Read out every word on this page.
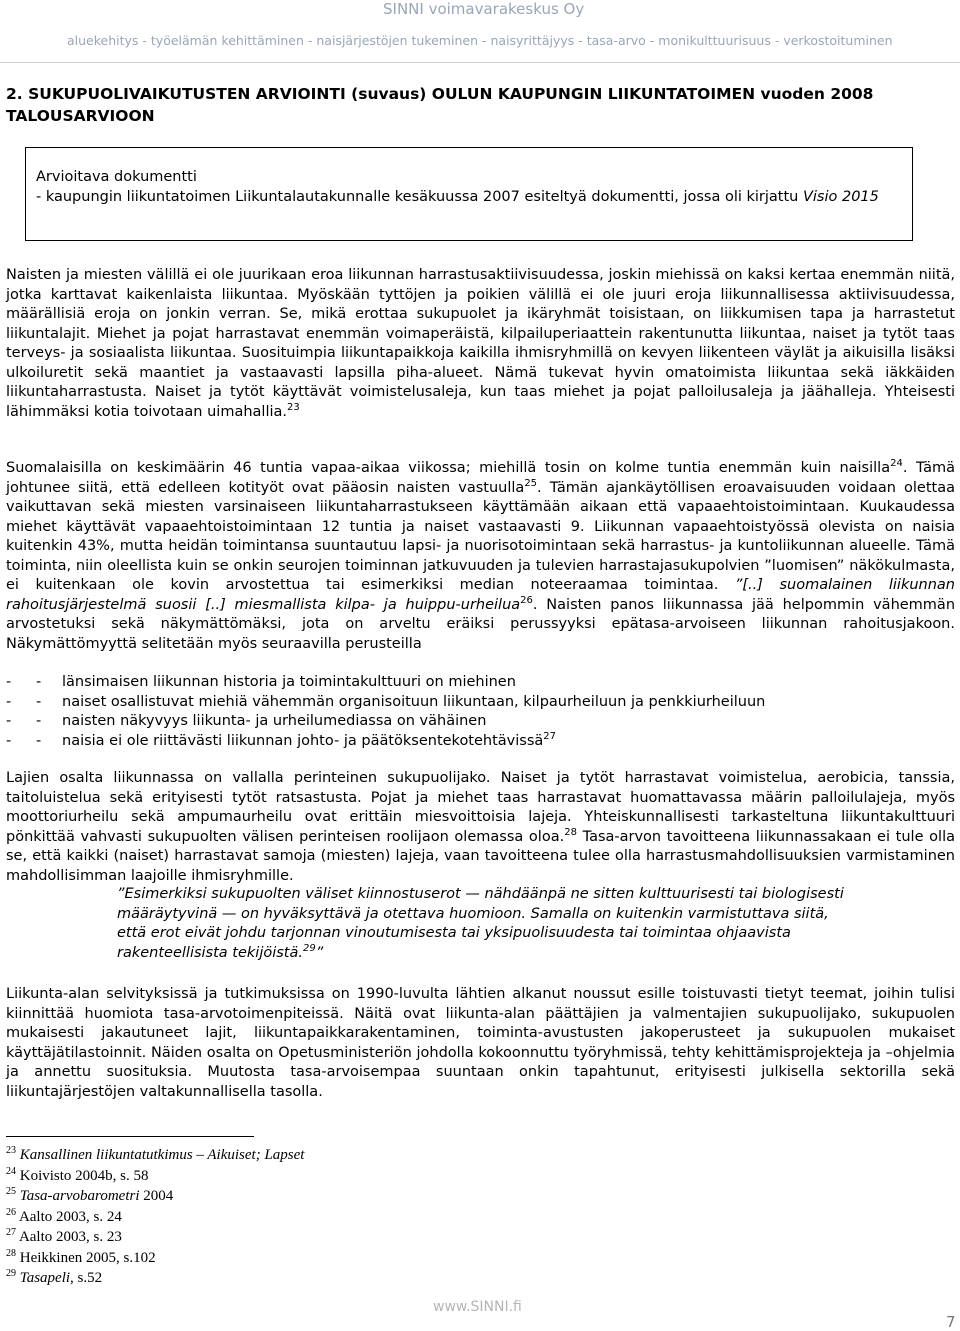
SINNI voimavarakeskus Oy
aluekehitys - työelämän kehittäminen - naisjärjestöjen tukeminen - naisyrittäjyys - tasa-arvo - monikulttuurisuus - verkostoituminen
2. SUKUPUOLIVAIKUTUSTEN ARVIOINTI (suvaus) OULUN KAUPUNGIN LIIKUNTATOIMEN vuoden 2008 TALOUSARVIOON
Arvioitava dokumentti
- kaupungin liikuntatoimen Liikuntalautakunnalle kesäkuussa 2007 esiteltyä dokumentti, jossa oli kirjattu Visio 2015

Naisten ja miesten välillä ei ole juurikaan eroa liikunnan harrastusaktiivisuudessa, joskin miehissä on kaksi kertaa enemmän niitä, jotka karttavat kaikenlaista liikuntaa. Myöskään tyttöjen ja poikien välillä ei ole juuri eroja liikunnallisessa aktiivisuudessa, määrällisiä eroja on jonkin verran. Se, mikä erottaa sukupuolet ja ikäryhmät toisistaan, on liikkumisen tapa ja harrastetut liikuntalajit. Miehet ja pojat harrastavat enemmän voimaperäistä, kilpailuperiaattein rakentunutta liikuntaa, naiset ja tytöt taas terveys- ja sosiaalista liikuntaa. Suosituimpia liikuntapaikkoja kaikilla ihmisryhmillä on kevyen liikenteen väylät ja aikuisilla lisäksi ulkoiluretit sekä maantiet ja vastaavasti lapsilla piha-alueet. Nämä tukevat hyvin omatoimista liikuntaa sekä iäkkäiden liikuntaharrastusta. Naiset ja tytöt käyttävät voimistelusaleja, kun taas miehet ja pojat palloilusaleja ja jäähalleja. Yhteisesti lähimmäksi kotia toivotaan uimahallia.$^{23}$

Suomalaisilla on keskimäärin 46 tuntia vapaa-aikaa viikossa; miehillä tosin on kolme tuntia enemmän kuin naisilla$^{24}$. Tämä johtunee siitä, että edelleen kotityöt ovat pääosin naisten vastuulla$^{25}$. Tämän ajankäytöllisen eroavaisuuden voidaan olettaa vaikuttavan sekä miesten varsinaiseen liikuntaharrastukseen käyttämään aikaan että vapaaehtoistoimintaan. Kuukaudessa miehet käyttävät vapaaehtoistoimintaan 12 tuntia ja naiset vastaavasti 9. Liikunnan vapaaehtoistyössä olevista on naisia kuitenkin 43%, mutta heidän toimintansa suuntautuu lapsi- ja nuorisotoimintaan sekä harrastus- ja kuntoliikunnan alueelle. Tämä toiminta, niin oleellista kuin se onkin seurojen toiminnan jatkuvuuden ja tulevien harrastajasukupolvien ”luomisen” näkökulmasta, ei kuitenkaan ole kovin arvostettua tai esimerkiksi median noteeraamaa toimintaa. ”[..] suomalainen liikunnan rahoitusjärjestelmä suosii [..] miesmallista kilpa- ja huippu-urheilua$^{26}$. Naisten panos liikunnassa jää helpommin vähemmän arvostetuksi sekä näkymättömäksi, jota on arveltu eräiksi perussyyksi epätasa-arvoiseen liikunnan rahoitusjakoon. Näkymättömyyttä selitetään myös seuraavilla perusteilla

- - länsimaisen liikunnan historia ja toimintakulttuuri on miehinen
- - naiset osallistuvat miehiä vähemmän organisoituun liikuntaan, kilpaurheiluun ja penkkiurheiluun
- - naisten näkyvyys liikunta- ja urheilumediassa on vähäinen
- - naisia ei ole riittävästi liikunnan johto- ja päätöksentekotehtävissä$^{27}$

Lajien osalta liikunnassa on vallalla perinteinen sukupuolijako. Naiset ja tytöt harrastavat voimistelua, aerobicia, tanssia, taitoluistelua sekä erityisesti tytöt ratsastusta. Pojat ja miehet taas harrastavat huomattavassa määrin palloilulajeja, myös moottoriurheilu sekä ampumaurheilu ovat erittäin miesvoittoisia lajeja. Yhteiskunnallisesti tarkasteltuna liikuntakulttuuri pönkittää vahvasti sukupuolten välisen perinteisen roolijaon olemassa oloa.$^{28}$ Tasa-arvon tavoitteena liikunnassakaan ei tule olla se, että kaikki (naiset) harrastavat samoja (miesten) lajeja, vaan tavoitteena tulee olla harrastusmahdollisuuksien varmistaminen mahdollisimman laajoille ihmisryhmille.

”Esimerkiksi sukupuolten väliset kiinnostuserot — nähdäänpä ne sitten kulttuurisesti tai biologisesti määräytyvinä — on hyväksyttävä ja otettava huomioon. Samalla on kuitenkin varmistuttava siitä, että erot eivät johdu tarjonnan vinoutumisesta tai yksipuolisuudesta tai toimintaa ohjaavista rakenteellisista tekijöistä.$^{29}$”

Liikunta-alan selvityksissä ja tutkimuksissa on 1990-luvulta lähtien alkanut noussut esille toistuvasti tietyt teemat, joihin tulisi kiinnittää huomiota tasa-arvotoimenpiteissä. Näitä ovat liikunta-alan päättäjien ja valmentajien sukupuolijako, sukupuolen mukaisesti jakautuneet lajit, liikuntapaikkarakentaminen, toiminta-avustusten jakoperusteet ja sukupuolen mukaiset käyttäjätilastoinnit. Näiden osalta on Opetusministeriön johdolla kokoonnuttu työryhmissä, tehty kehittämisprojekteja ja –ohjelmia ja annettu suosituksia. Muutosta tasa-arvoisempaa suuntaan onkin tapahtunut, erityisesti julkisella sektorilla sekä liikuntajärjestöjen valtakunnallisella tasolla.

$^{23}$ Kansallinen liikuntatutkimus – Aikuiset; Lapset
$^{24}$ Koivisto 2004b, s. 58
$^{25}$ Tasa-arvobarometri 2004
$^{26}$ Aalto 2003, s. 24
$^{27}$ Aalto 2003, s. 23
$^{28}$ Heikkinen 2005, s.102
$^{29}$ Tasapeli, s.52
www.SINNI.fi
7
